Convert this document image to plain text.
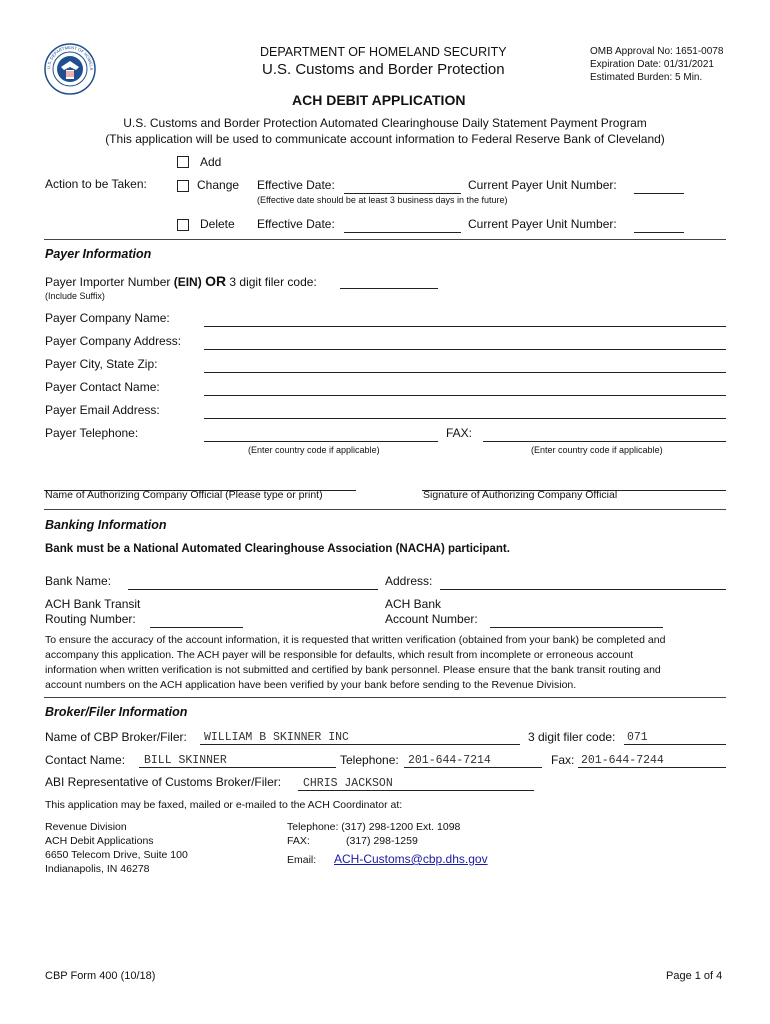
U.S. DEPARTMENT OF HOMELA
DEPARTMENT OF HOMELAND SECURITY
U.S. Customs and Border Protection
OMB Approval No: 1651-0078
Expiration Date: 01/31/2021
Estimated Burden: 5 Min.
ACH DEBIT APPLICATION
U.S. Customs and Border Protection Automated Clearinghouse Daily Statement Payment Program
(This application will be used to communicate account information to Federal Reserve Bank of Cleveland)
Add
Action to be Taken:	Change Effective Date:	Current Payer Unit Number:
(Effective date should be at least 3 business days in the future)
Delete Effective Date:	Current Payer Unit Number:
Payer Information
Payer Importer Number (EIN) OR 3 digit filer code:
(Include Suffix)
Payer Company Name:
Payer Company Address:
Payer City, State Zip:
Payer Contact Name:
Payer Email Address:
Payer Telephone:	FAX:
(Enter country code if applicable)	(Enter country code if applicable)
Name of Authorizing Company Official (Please type or print)	Signature of Authorizing Company Official
Banking Information
Bank must be a National Automated Clearinghouse Association (NACHA) participant.
Bank Name:	Address:
ACH Bank Transit
Routing Number:
ACH Bank
Account Number:
To ensure the accuracy of the account information, it is requested that written verification (obtained from your bank) be completed and
accompany this application. The ACH payer will be responsible for defaults, which result from incomplete or erroneous account
information when written verification is not submitted and certified by bank personnel. Please ensure that the bank transit routing and
account numbers on the ACH application have been verified by your bank before sending to the Revenue Division.
Broker/Filer Information
Name of CBP Broker/Filer: WILLIAM B SKINNER INC	3 digit filer code: 071
Contact Name: BILL SKINNER	Telephone: 201-644-7214	Fax: 201-644-7244
ABI Representative of Customs Broker/Filer: CHRIS JACKSON
This application may be faxed, mailed or e-mailed to the ACH Coordinator at:
Revenue Division
ACH Debit Applications
6650 Telecom Drive, Suite 100
Indianapolis, IN 46278
Telephone: (317) 298-1200 Ext. 1098
FAX:	(317) 298-1259
Email: ACH-Customs@cbp.dhs.gov
CBP Form 400 (10/18)	Page 1 of 4
